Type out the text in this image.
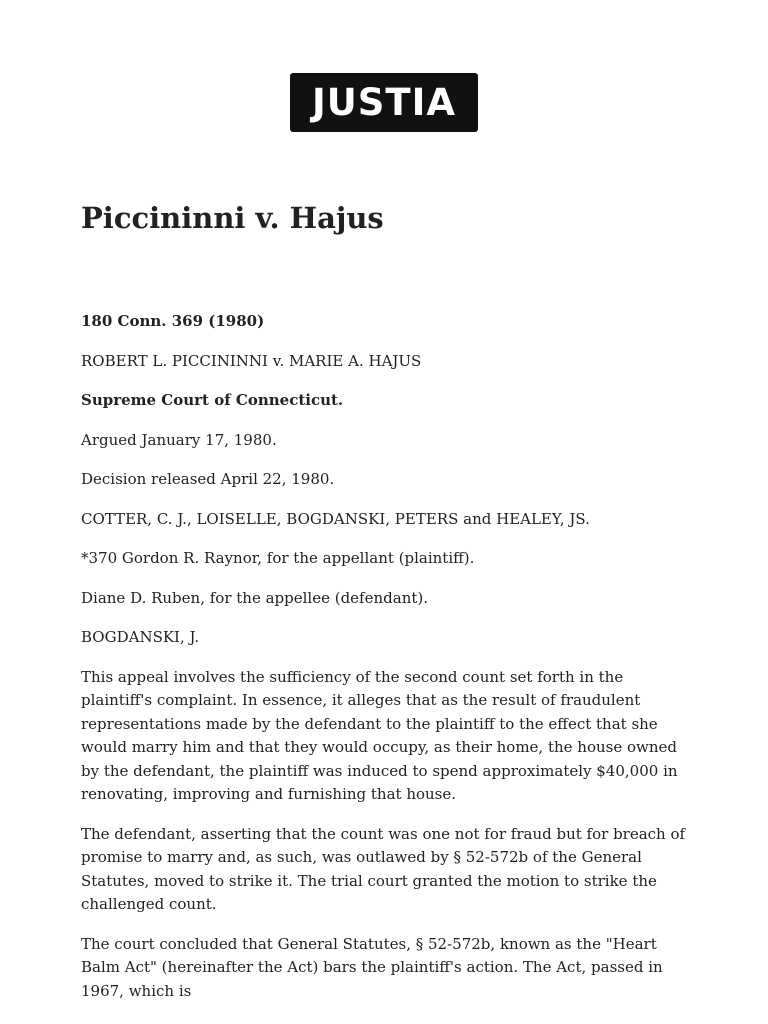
JUSTIA
Piccininni v. Hajus

180 Conn. 369 (1980)

ROBERT L. PICCININNI v. MARIE A. HAJUS

Supreme Court of Connecticut.

Argued January 17, 1980.

Decision released April 22, 1980.

COTTER, C. J., LOISELLE, BOGDANSKI, PETERS and HEALEY, JS.

*370 Gordon R. Raynor, for the appellant (plaintiff).

Diane D. Ruben, for the appellee (defendant).

BOGDANSKI, J.

This appeal involves the sufficiency of the second count set forth in the plaintiff's complaint. In essence, it alleges that as the result of fraudulent representations made by the defendant to the plaintiff to the effect that she would marry him and that they would occupy, as their home, the house owned by the defendant, the plaintiff was induced to spend approximately $40,000 in renovating, improving and furnishing that house.

The defendant, asserting that the count was one not for fraud but for breach of promise to marry and, as such, was outlawed by § 52-572b of the General Statutes, moved to strike it. The trial court granted the motion to strike the challenged count.

The court concluded that General Statutes, § 52-572b, known as the "Heart Balm Act" (hereinafter the Act) bars the plaintiff's action. The Act, passed in 1967, which is
